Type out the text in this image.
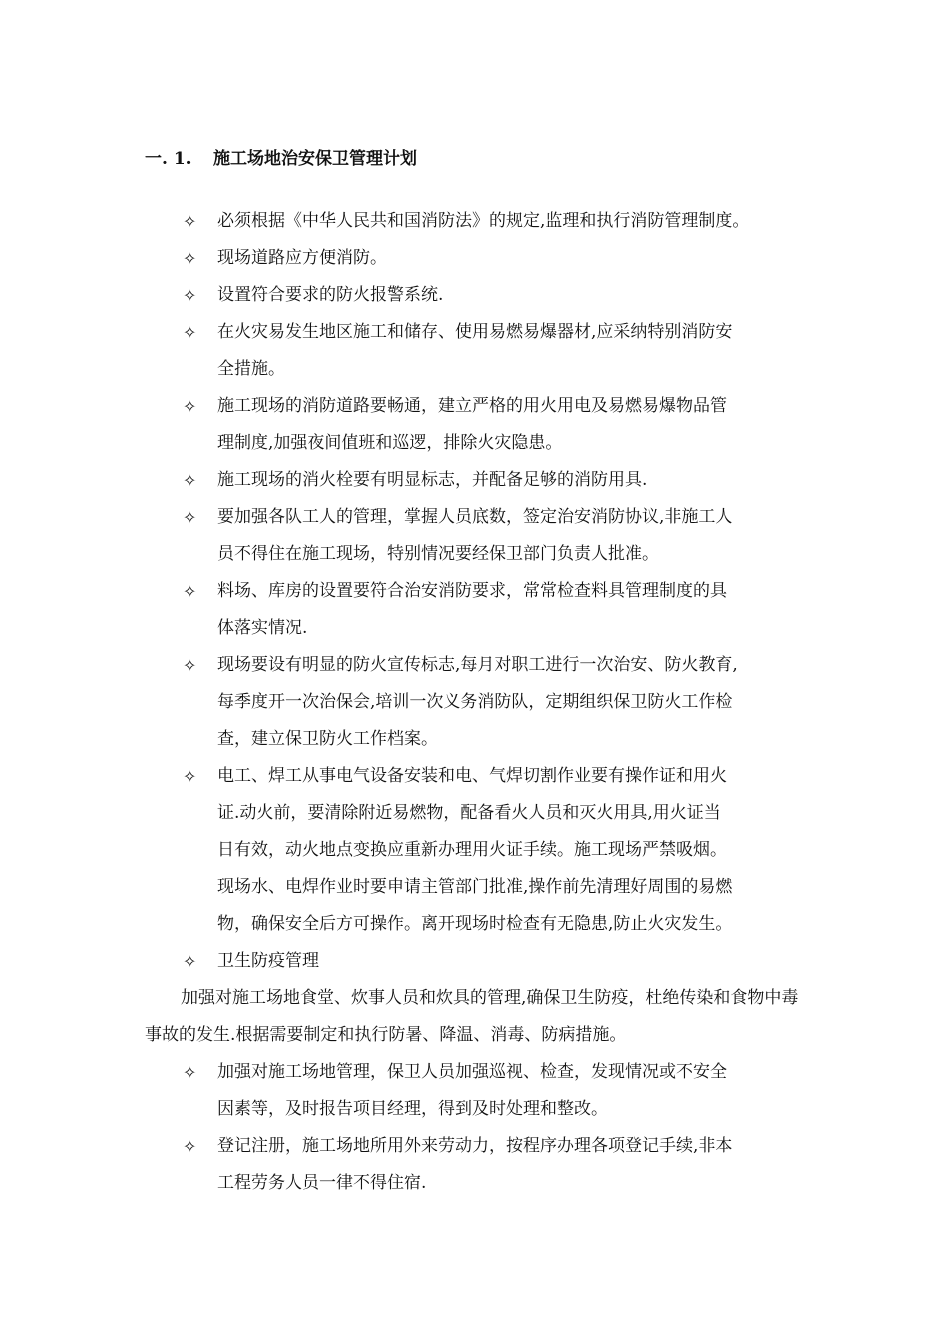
一. 1. 施工场地治安保卫管理计划
✧ 必须根据《中华人民共和国消防法》的规定,监理和执行消防管理制度。
✧ 现场道路应方便消防。
✧ 设置符合要求的防火报警系统.
✧ 在火灾易发生地区施工和储存、使用易燃易爆器材,应采纳特别消防安
全措施。
✧ 施工现场的消防道路要畅通，建立严格的用火用电及易燃易爆物品管
理制度,加强夜间值班和巡逻，排除火灾隐患。
✧ 施工现场的消火栓要有明显标志，并配备足够的消防用具.
✧ 要加强各队工人的管理，掌握人员底数，签定治安消防协议,非施工人
员不得住在施工现场，特别情况要经保卫部门负责人批准。
✧ 料场、库房的设置要符合治安消防要求，常常检查料具管理制度的具
体落实情况.
✧ 现场要设有明显的防火宣传标志,每月对职工进行一次治安、防火教育,
每季度开一次治保会,培训一次义务消防队，定期组织保卫防火工作检
查，建立保卫防火工作档案。
✧ 电工、焊工从事电气设备安装和电、气焊切割作业要有操作证和用火
证.动火前，要清除附近易燃物，配备看火人员和灭火用具,用火证当
日有效，动火地点变换应重新办理用火证手续。施工现场严禁吸烟。
现场水、电焊作业时要申请主管部门批准,操作前先清理好周围的易燃
物，确保安全后方可操作。离开现场时检查有无隐患,防止火灾发生。
✧ 卫生防疫管理
加强对施工场地食堂、炊事人员和炊具的管理,确保卫生防疫，杜绝传染和食物中毒事故的发生.根据需要制定和执行防暑、降温、消毒、防病措施。
✧ 加强对施工场地管理，保卫人员加强巡视、检查，发现情况或不安全
因素等，及时报告项目经理，得到及时处理和整改。
✧ 登记注册，施工场地所用外来劳动力，按程序办理各项登记手续,非本
工程劳务人员一律不得住宿.
